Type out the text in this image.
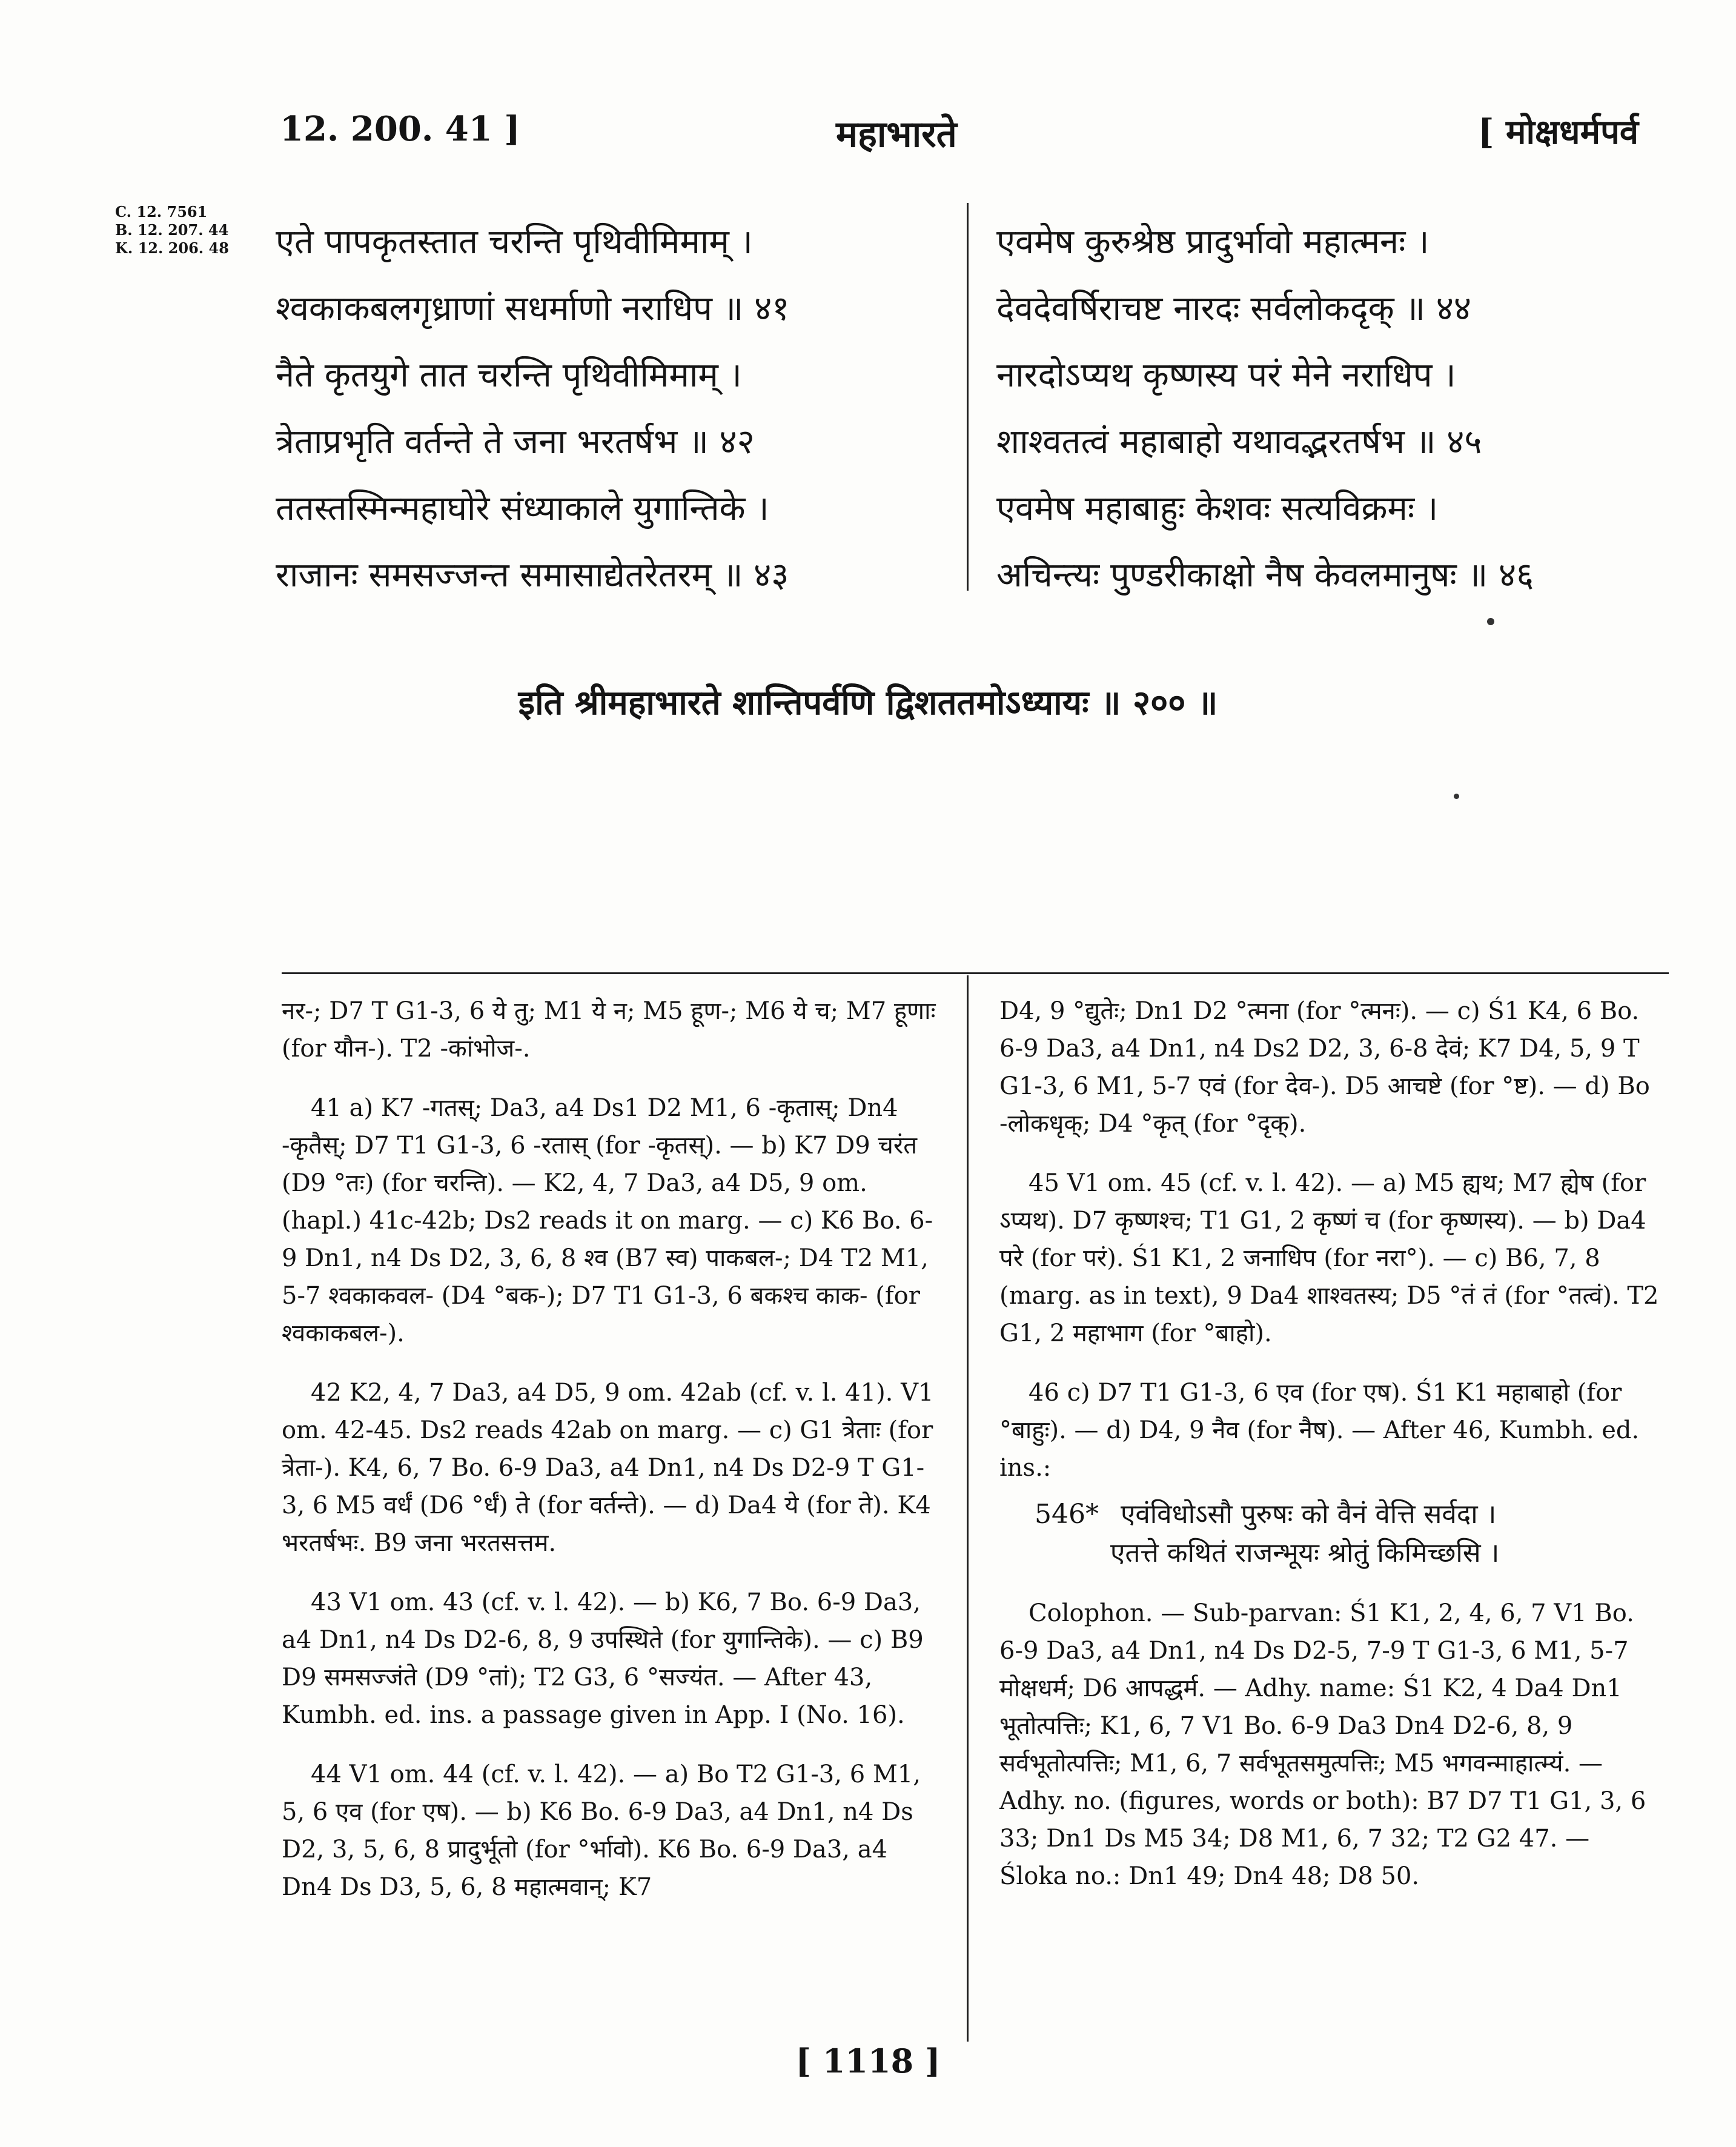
12. 200. 41 ]	महाभारते	[ मोक्षधर्मपर्व
C. 12. 7561
B. 12. 207. 44
K. 12. 206. 48 एते पापकृतस्तात चरन्ति पृथिवीमिमाम् ।
श्वकाकबलगृध्राणां सधर्माणो नराधिप ॥ ४१
नैते कृतयुगे तात चरन्ति पृथिवीमिमाम् ।
त्रेताप्रभृति वर्तन्ते ते जना भरतर्षभ ॥ ४२
ततस्तस्मिन्महाघोरे संध्याकाले युगान्तिके ।
राजानः समसज्जन्त समासाद्येतरेतरम् ॥ ४३
एवमेष कुरुश्रेष्ठ प्रादुर्भावो महात्मनः ।
देवदेवर्षिराचष्ट नारदः सर्वलोकदृक् ॥ ४४
नारदोऽप्यथ कृष्णस्य परं मेने नराधिप ।
शाश्वतत्वं महाबाहो यथावद्भरतर्षभ ॥ ४५
एवमेष महाबाहुः केशवः सत्यविक्रमः ।
अचिन्त्यः पुण्डरीकाक्षो नैष केवलमानुषः ॥ ४६
इति श्रीमहाभारते शान्तिपर्वणि द्विशततमोऽध्यायः ॥ २०० ॥

नर-; D7 T G1-3, 6 ये तु; M1 ये न; M5 हूण-; M6 ये च; M7 हूणाः (for यौन-). T2 -कांभोज-.

41 a) K7 -गतस्; Da3, a4 Ds1 D2 M1, 6 -कृतास्; Dn4 -कृतैस्; D7 T1 G1-3, 6 -रतास् (for -कृतस्). — b) K7 D9 चरंत (D9 °तः) (for चरन्ति). — K2, 4, 7 Da3, a4 D5, 9 om. (hapl.) 41c-42b; Ds2 reads it on marg. — c) K6 Bo. 6-9 Dn1, n4 Ds D2, 3, 6, 8 श्व (B7 स्व) पाकबल-; D4 T2 M1, 5-7 श्वकाकवल- (D4 °बक-); D7 T1 G1-3, 6 बकश्च काक- (for श्वकाकबल-).

42 K2, 4, 7 Da3, a4 D5, 9 om. 42ab (cf. v. l. 41). V1 om. 42-45. Ds2 reads 42ab on marg. — c) G1 त्रेताः (for त्रेता-). K4, 6, 7 Bo. 6-9 Da3, a4 Dn1, n4 Ds D2-9 T G1-3, 6 M5 वर्धं (D6 °र्धं) ते (for वर्तन्ते). — d) Da4 ये (for ते). K4 भरतर्षभः. B9 जना भरतसत्तम.

43 V1 om. 43 (cf. v. l. 42). — b) K6, 7 Bo. 6-9 Da3, a4 Dn1, n4 Ds D2-6, 8, 9 उपस्थिते (for युगान्तिके). — c) B9 D9 समसज्जंते (D9 °तां); T2 G3, 6 °सज्यंत. — After 43, Kumbh. ed. ins. a passage given in App. I (No. 16).

44 V1 om. 44 (cf. v. l. 42). — a) Bo T2 G1-3, 6 M1, 5, 6 एव (for एष). — b) K6 Bo. 6-9 Da3, a4 Dn1, n4 Ds D2, 3, 5, 6, 8 प्रादुर्भूतो (for °र्भावो). K6 Bo. 6-9 Da3, a4 Dn4 Ds D3, 5, 6, 8 महात्मवान्; K7

D4, 9 °द्युतेः; Dn1 D2 °त्मना (for °त्मनः). — c) Ś1 K4, 6 Bo. 6-9 Da3, a4 Dn1, n4 Ds2 D2, 3, 6-8 देवं; K7 D4, 5, 9 T G1-3, 6 M1, 5-7 एवं (for देव-). D5 आचष्टे (for °ष्ट). — d) Bo -लोकधृक्; D4 °कृत् (for °दृक्).

45 V1 om. 45 (cf. v. l. 42). — a) M5 ह्यथ; M7 ह्येष (for ऽप्यथ). D7 कृष्णश्च; T1 G1, 2 कृष्णं च (for कृष्णस्य). — b) Da4 परे (for परं). Ś1 K1, 2 जनाधिप (for नरा°). — c) B6, 7, 8 (marg. as in text), 9 Da4 शाश्वतस्य; D5 °तं तं (for °तत्वं). T2 G1, 2 महाभाग (for °बाहो).

46 c) D7 T1 G1-3, 6 एव (for एष). Ś1 K1 महाबाहो (for °बाहुः). — d) D4, 9 नैव (for नैष). — After 46, Kumbh. ed. ins.:

546* एवंविधोऽसौ पुरुषः को वैनं वेत्ति सर्वदा ।
एतत्ते कथितं राजन्भूयः श्रोतुं किमिच्छसि ।

Colophon. — Sub-parvan: Ś1 K1, 2, 4, 6, 7 V1 Bo. 6-9 Da3, a4 Dn1, n4 Ds D2-5, 7-9 T G1-3, 6 M1, 5-7 मोक्षधर्म; D6 आपद्धर्म. — Adhy. name: Ś1 K2, 4 Da4 Dn1 भूतोत्पत्तिः; K1, 6, 7 V1 Bo. 6-9 Da3 Dn4 D2-6, 8, 9 सर्वभूतोत्पत्तिः; M1, 6, 7 सर्वभूतसमुत्पत्तिः; M5 भगवन्माहात्म्यं. — Adhy. no. (figures, words or both): B7 D7 T1 G1, 3, 6 33; Dn1 Ds M5 34; D8 M1, 6, 7 32; T2 G2 47. — Śloka no.: Dn1 49; Dn4 48; D8 50.

[ 1118 ]
